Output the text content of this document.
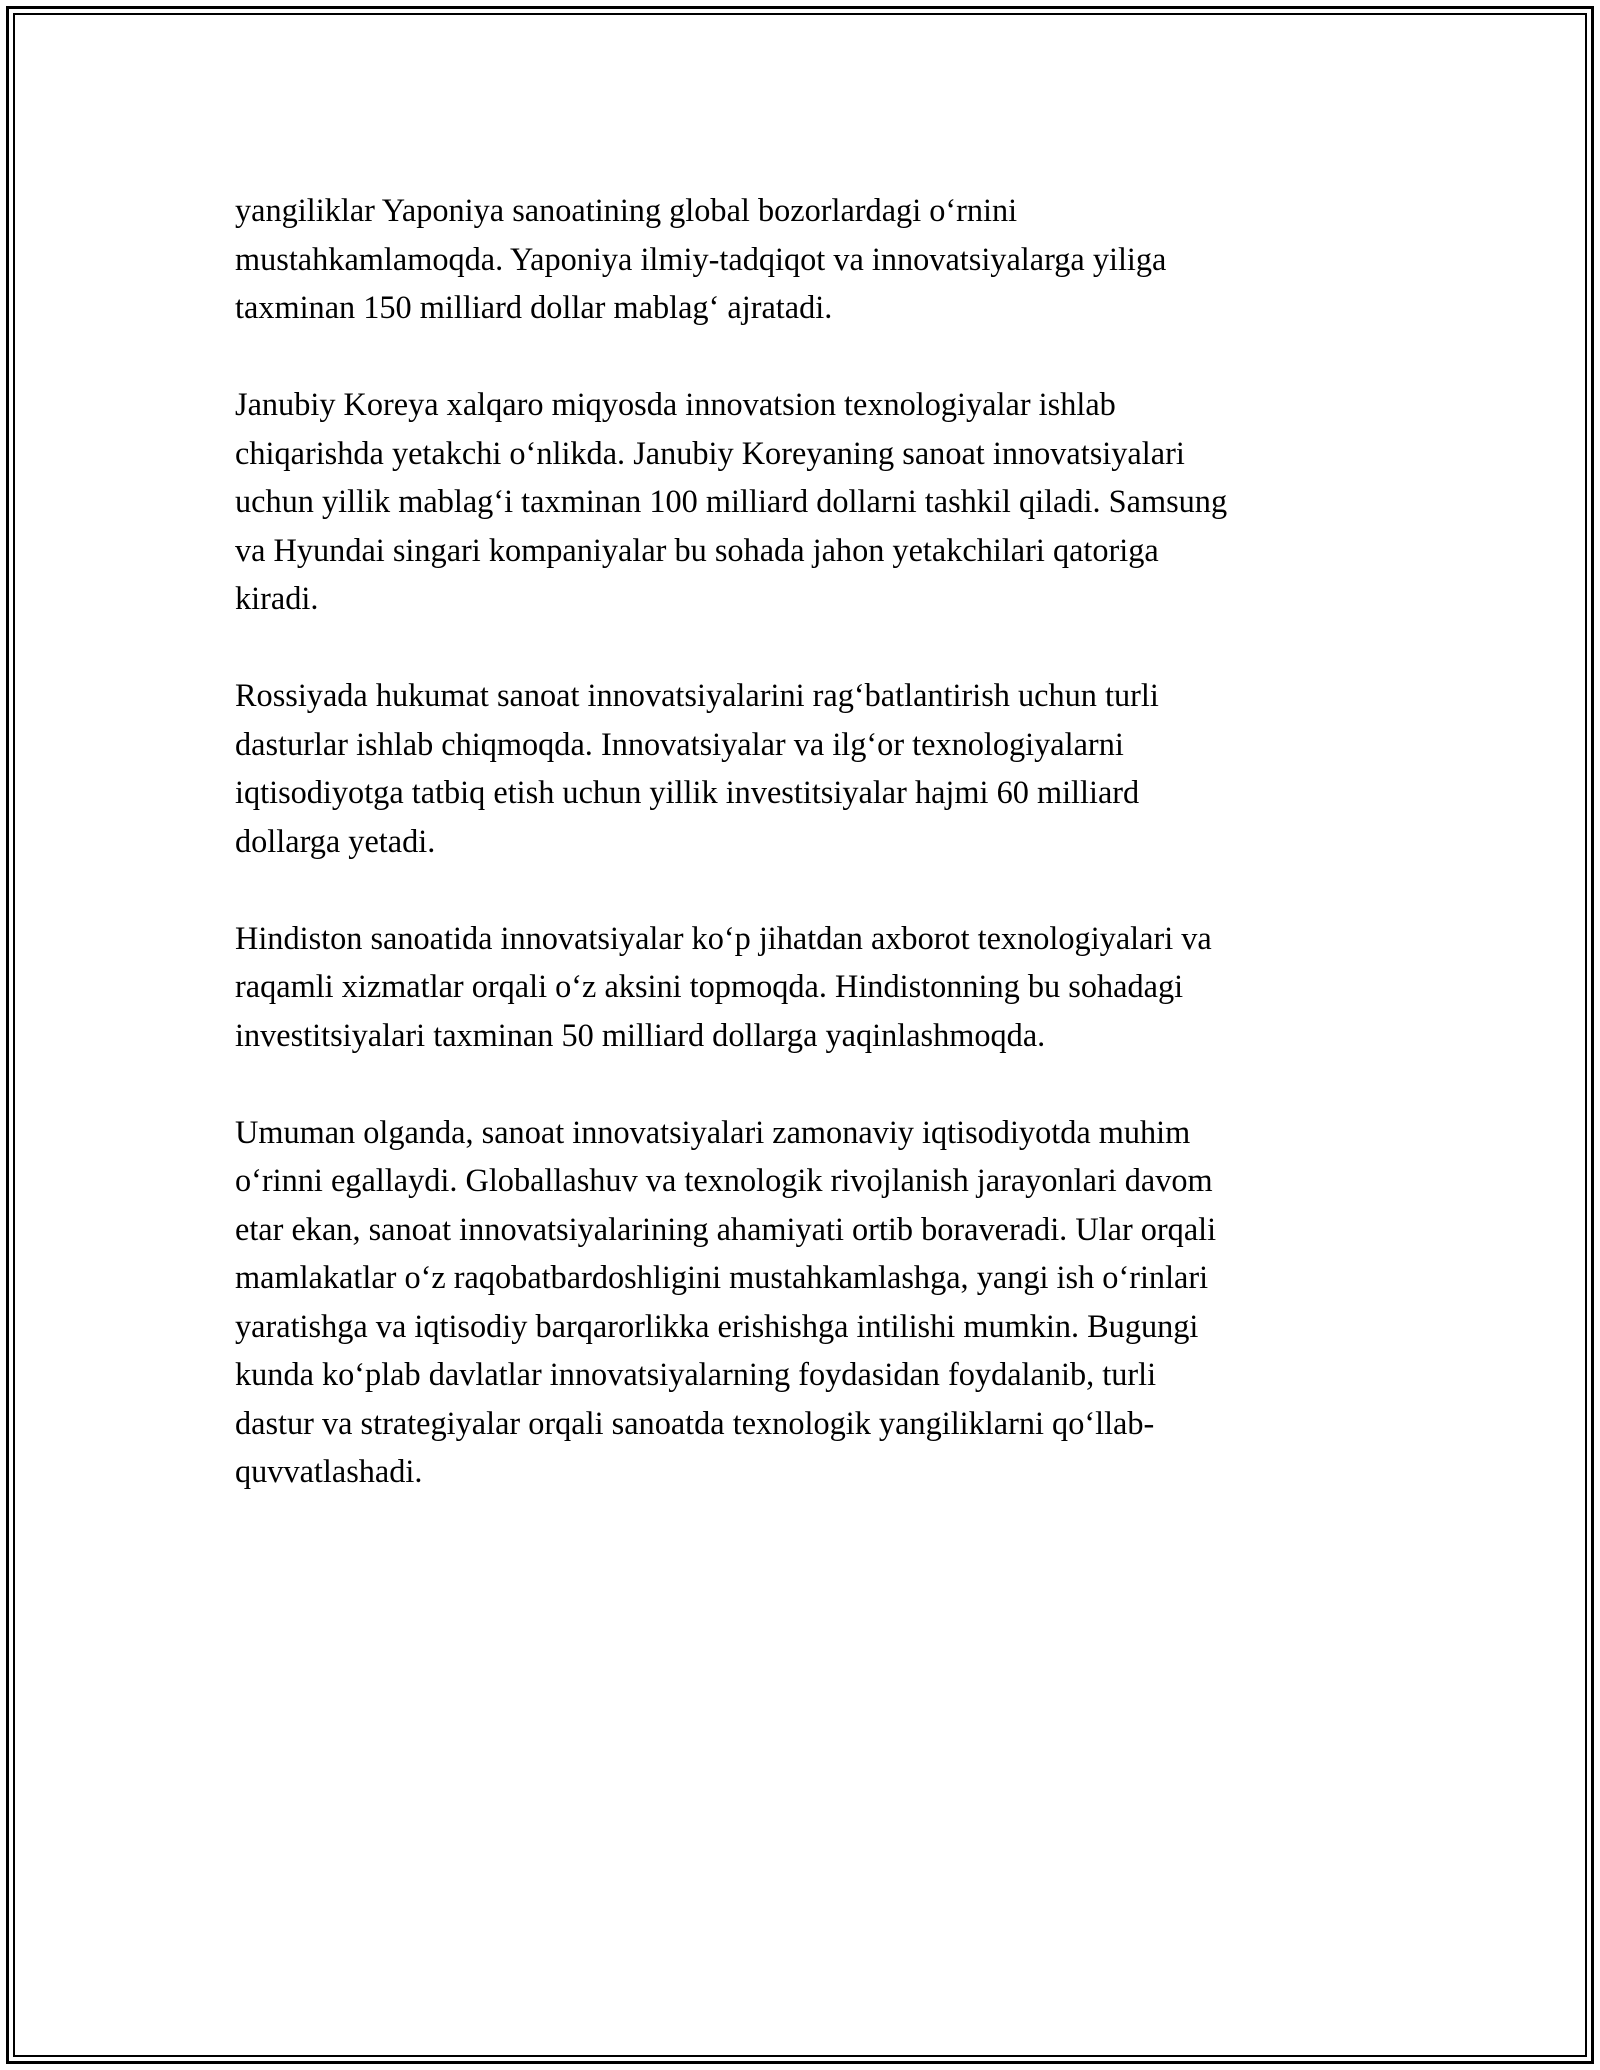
yangiliklar Yaponiya sanoatining global bozorlardagi o‘rnini
mustahkamlamoqda. Yaponiya ilmiy-tadqiqot va innovatsiyalarga yiliga
taxminan 150 milliard dollar mablag‘ ajratadi.

Janubiy Koreya xalqaro miqyosda innovatsion texnologiyalar ishlab
chiqarishda yetakchi o‘nlikda. Janubiy Koreyaning sanoat innovatsiyalari
uchun yillik mablag‘i taxminan 100 milliard dollarni tashkil qiladi. Samsung
va Hyundai singari kompaniyalar bu sohada jahon yetakchilari qatoriga
kiradi.

Rossiyada hukumat sanoat innovatsiyalarini rag‘batlantirish uchun turli
dasturlar ishlab chiqmoqda. Innovatsiyalar va ilg‘or texnologiyalarni
iqtisodiyotga tatbiq etish uchun yillik investitsiyalar hajmi 60 milliard
dollarga yetadi.

Hindiston sanoatida innovatsiyalar ko‘p jihatdan axborot texnologiyalari va
raqamli xizmatlar orqali o‘z aksini topmoqda. Hindistonning bu sohadagi
investitsiyalari taxminan 50 milliard dollarga yaqinlashmoqda.

Umuman olganda, sanoat innovatsiyalari zamonaviy iqtisodiyotda muhim
o‘rinni egallaydi. Globallashuv va texnologik rivojlanish jarayonlari davom
etar ekan, sanoat innovatsiyalarining ahamiyati ortib boraveradi. Ular orqali
mamlakatlar o‘z raqobatbardoshligini mustahkamlashga, yangi ish o‘rinlari
yaratishga va iqtisodiy barqarorlikka erishishga intilishi mumkin. Bugungi
kunda ko‘plab davlatlar innovatsiyalarning foydasidan foydalanib, turli
dastur va strategiyalar orqali sanoatda texnologik yangiliklarni qo‘llab-
quvvatlashadi.
